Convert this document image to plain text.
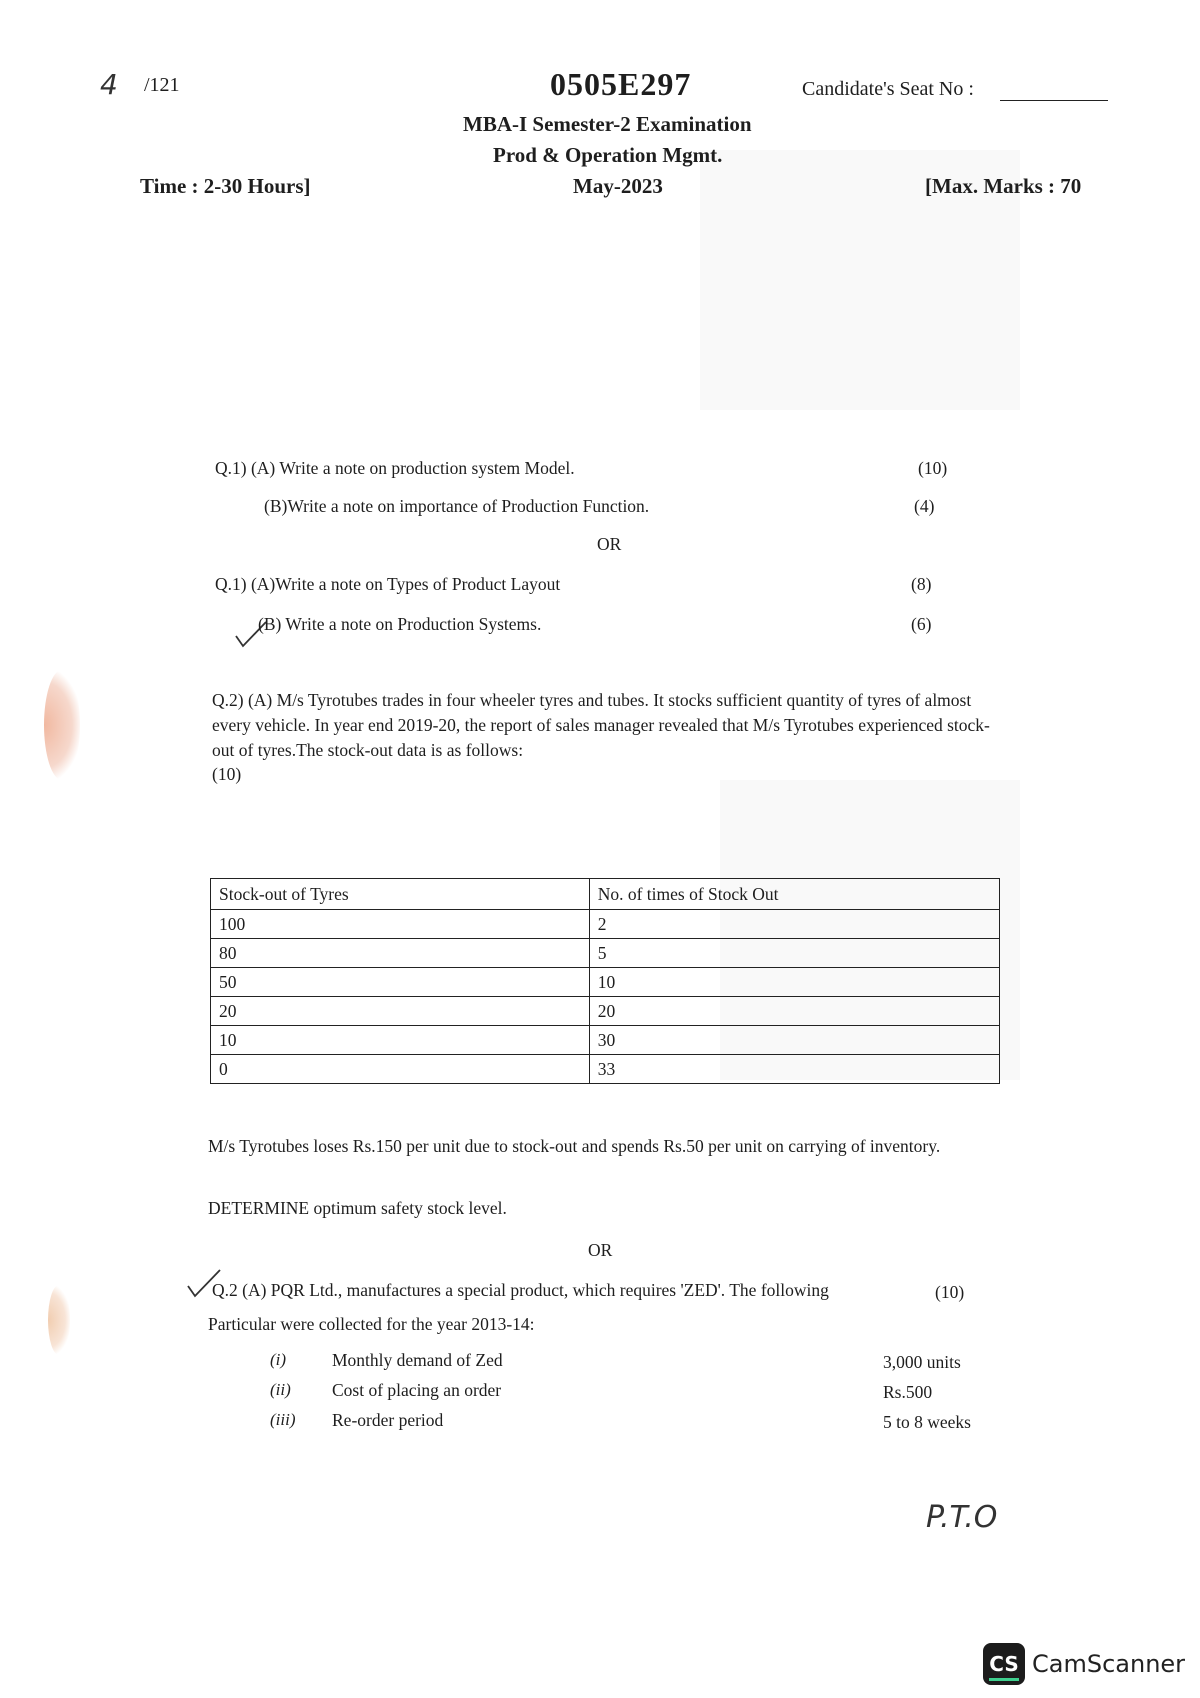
4 /121	0505E297	Candidate's Seat No :
MBA-I Semester-2 Examination
Prod & Operation Mgmt.
May-2023
Time : 2-30 Hours]	[Max. Marks : 70
Q.1) (A) Write a note on production system Model.	(10)
(B)Write a note on importance of Production Function.	(4)
OR
Q.1) (A)Write a note on Types of Product Layout	(8)
(B) Write a note on Production Systems.	(6)
Q.2) (A) M/s Tyrotubes trades in four wheeler tyres and tubes. It stocks sufficient quantity of tyres of almost every vehicle. In year end 2019-20, the report of sales manager revealed that M/s Tyrotubes experienced stock-out of tyres.The stock-out data is as follows:
(10)
Stock-out of Tyres	No. of times of Stock Out
100	2
80	5
50	10
20	20
10	30
0	33
M/s Tyrotubes loses Rs.150 per unit due to stock-out and spends Rs.50 per unit on carrying of inventory.
DETERMINE optimum safety stock level.
OR
Q.2 (A) PQR Ltd., manufactures a special product, which requires 'ZED'. The following	(10)
Particular were collected for the year 2013-14:
(i)	Monthly demand of Zed	3,000 units
(ii) Cost of placing an order	Rs.500
(iii) Re-order period	5 to 8 weeks
P.T.O
CS CamScanner
